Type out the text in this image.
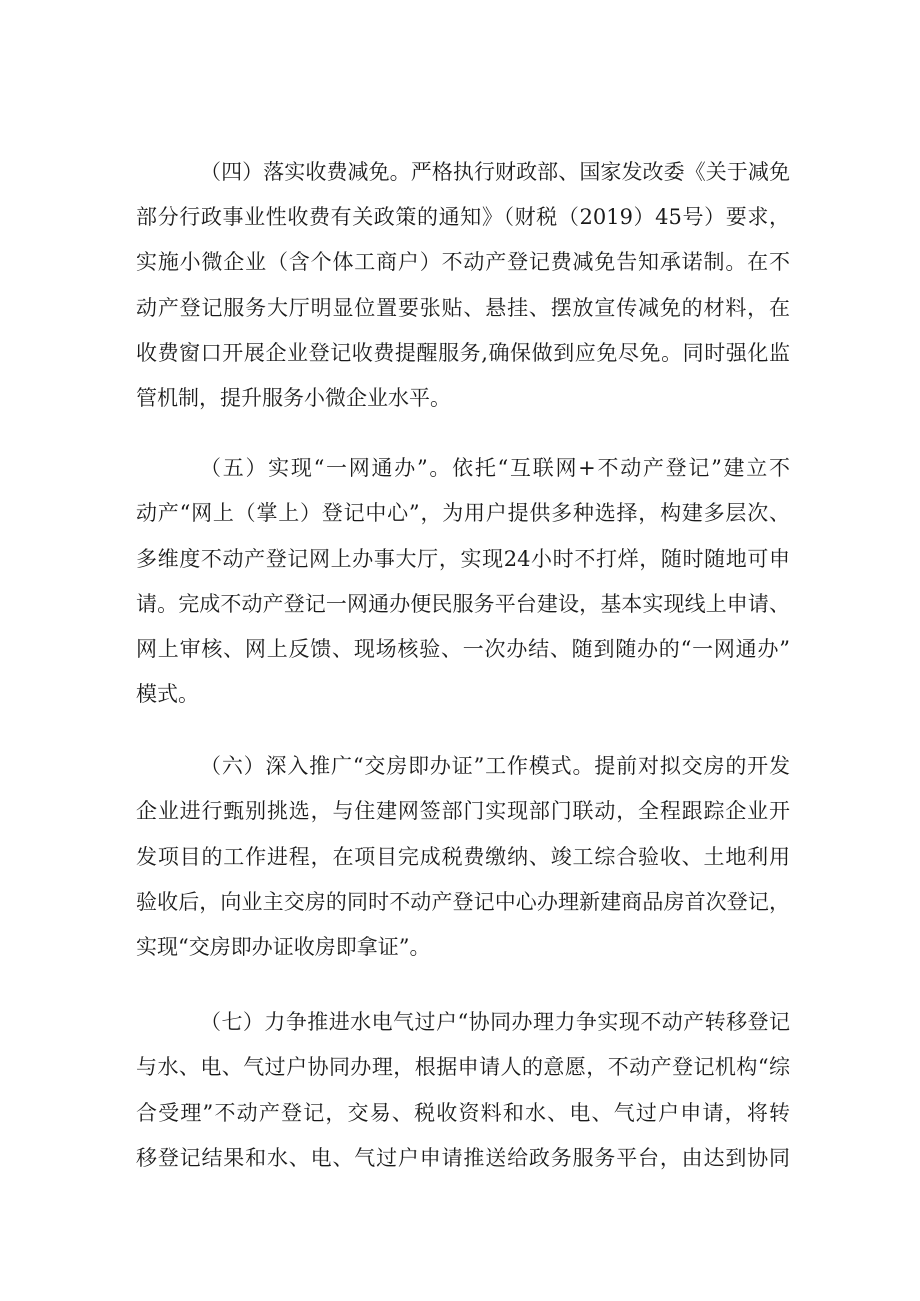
（四）落实收费减免。严格执行财政部、国家发改委《关于减免
部分行政事业性收费有关政策的通知》（财税（2019）45号）要求，
实施小微企业（含个体工商户）不动产登记费减免告知承诺制。在不
动产登记服务大厅明显位置要张贴、悬挂、摆放宣传减免的材料，在
收费窗口开展企业登记收费提醒服务,确保做到应免尽免。同时强化监
管机制，提升服务小微企业水平。
（五）实现“一网通办”。依托“互联网+不动产登记”建立不
动产“网上（掌上）登记中心”，为用户提供多种选择，构建多层次、
多维度不动产登记网上办事大厅，实现24小时不打烊，随时随地可申
请。完成不动产登记一网通办便民服务平台建设，基本实现线上申请、
网上审核、网上反馈、现场核验、一次办结、随到随办的“一网通办”
模式。
（六）深入推广“交房即办证”工作模式。提前对拟交房的开发
企业进行甄别挑选，与住建网签部门实现部门联动，全程跟踪企业开
发项目的工作进程，在项目完成税费缴纳、竣工综合验收、土地利用
验收后，向业主交房的同时不动产登记中心办理新建商品房首次登记，
实现“交房即办证收房即拿证”。
（七）力争推进水电气过户“协同办理力争实现不动产转移登记
与水、电、气过户协同办理，根据申请人的意愿，不动产登记机构“综
合受理”不动产登记，交易、税收资料和水、电、气过户申请，将转
移登记结果和水、电、气过户申请推送给政务服务平台，由达到协同
